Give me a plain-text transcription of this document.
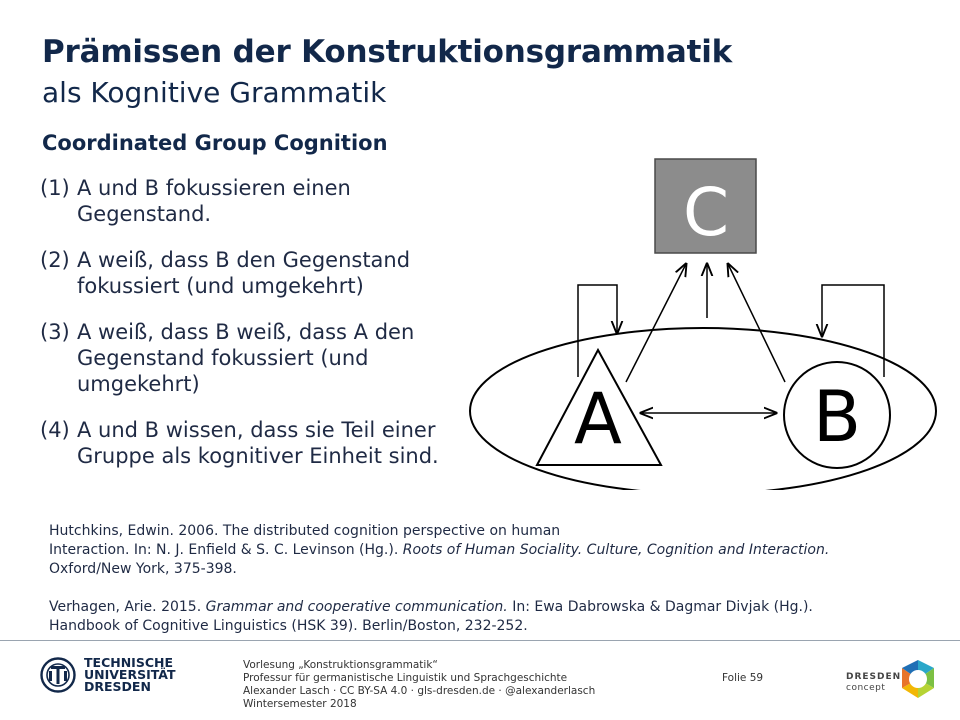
Prämissen der Konstruktionsgrammatik
als Kognitive Grammatik
Coordinated Group Cognition
(1) A und B fokussieren einen Gegenstand.
(2) A weiß, dass B den Gegenstand fokussiert (und umgekehrt)
(3) A weiß, dass B weiß, dass A den Gegenstand fokussiert (und umgekehrt)
(4) A und B wissen, dass sie Teil einer Gruppe als kognitiver Einheit sind.
C
A	B

Hutchkins, Edwin. 2006. The distributed cognition perspective on human
Interaction. In: N. J. Enfield & S. C. Levinson (Hg.). Roots of Human Sociality. Culture, Cognition and Interaction.
Oxford/New York, 375-398.

Verhagen, Arie. 2015. Grammar and cooperative communication. In: Ewa Dabrowska & Dagmar Divjak (Hg.).
Handbook of Cognitive Linguistics (HSK 39). Berlin/Boston, 232-252.

TECHNISCHE
UNIVERSITÄT
DRESDEN
Vorlesung „Konstruktionsgrammatik“
Professur für germanistische Linguistik und Sprachgeschichte
Alexander Lasch · CC BY-SA 4.0 · gls-dresden.de · @alexanderlasch
Wintersemester 2018
Folie 59	DRESDEN
concept
